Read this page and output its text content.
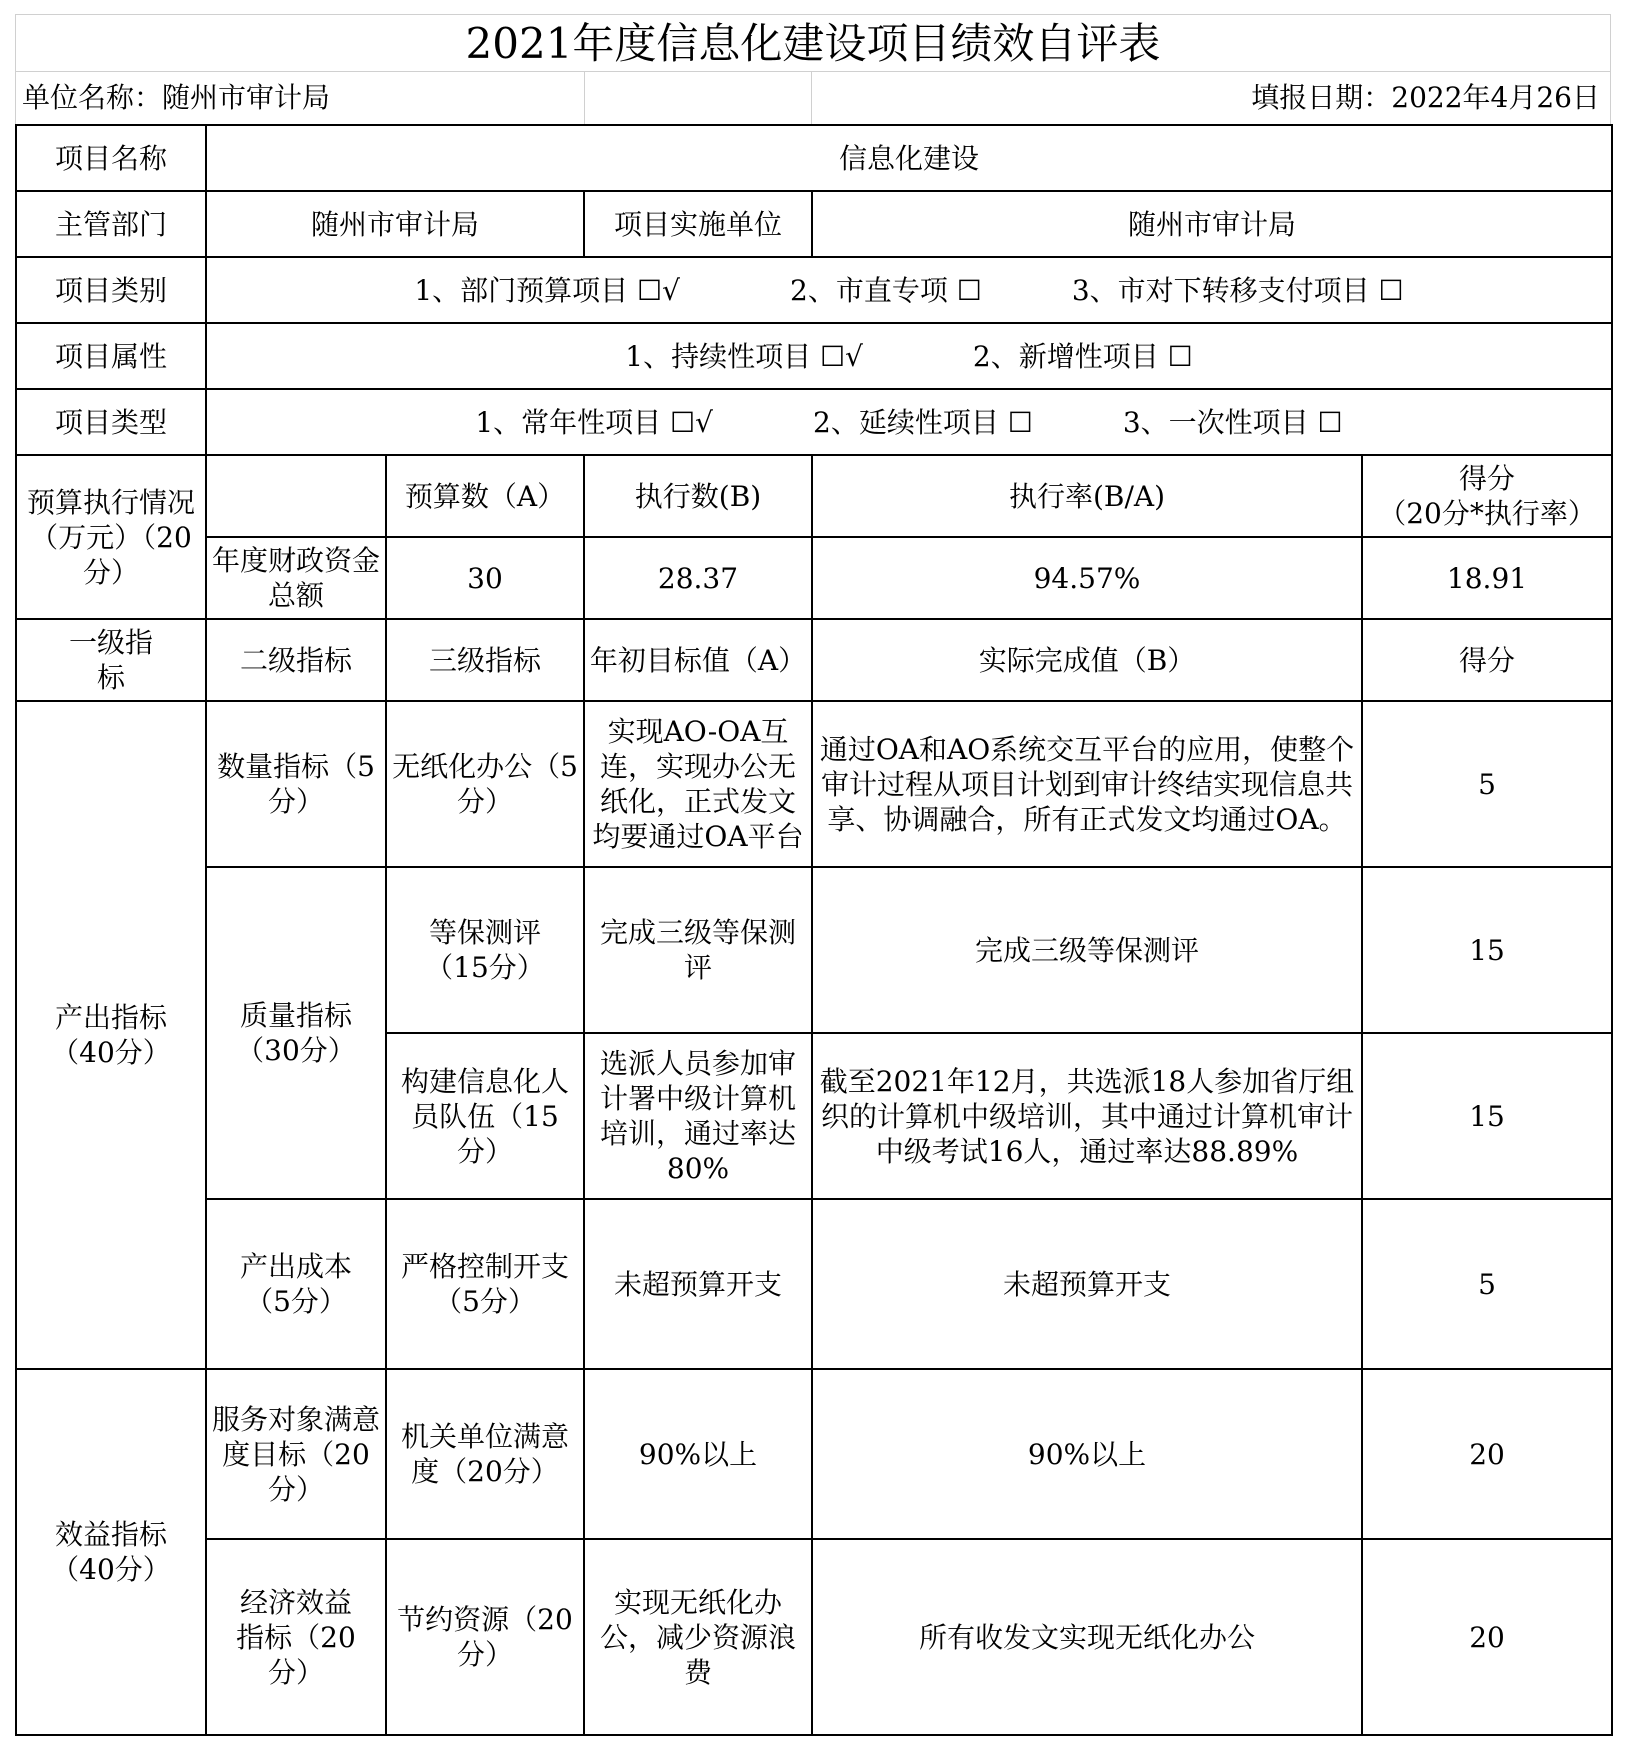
2021年度信息化建设项目绩效自评表
单位名称：随州市审计局	填报日期：2022年4月26日
项目名称	信息化建设				
主管部门	随州市审计局		项目实施单位	随州市审计局	
项目类别	1、部门预算项目 ☐√ 2、市直专项 ☐ 3、市对下转移支付项目 ☐				
项目属性	1、持续性项目 ☐√ 2、新增性项目 ☐				
项目类型	1、常年性项目 ☐√ 2、延续性项目 ☐ 3、一次性项目 ☐				
预算执行情况（万元）（20分）		预算数（A）	执行数(B)	执行率(B/A)	得分
（20分*执行率）

	年度财政资金总额	30	28.37	94.57%	18.91
一级指标	二级指标	三级指标	年初目标值（A）	实际完成值（B）	得分
产出指标（40分）	数量指标（5分）	无纸化办公（5分）	实现AO-OA互连，实现办公无纸化，正式发文均要通过OA平台	通过OA和AO系统交互平台的应用，使整个审计过程从项目计划到审计终结实现信息共享、协调融合，所有正式发文均通过OA。	5
	质量指标（30分）	等保测评（15分）	完成三级等保测评	完成三级等保测评	15
		构建信息化人员队伍（15分）	选派人员参加审计署中级计算机培训，通过率达80%	截至2021年12月，共选派18人参加省厅组织的计算机中级培训，其中通过计算机审计中级考试16人，通过率达88.89%	15
	产出成本（5分）	严格控制开支（5分）	未超预算开支	未超预算开支	5
效益指标（40分）	服务对象满意度目标（20分）	机关单位满意度（20分）	90%以上	90%以上	20
	经济效益指标（20分）	节约资源（20分）	实现无纸化办公，减少资源浪费	所有收发文实现无纸化办公	20
